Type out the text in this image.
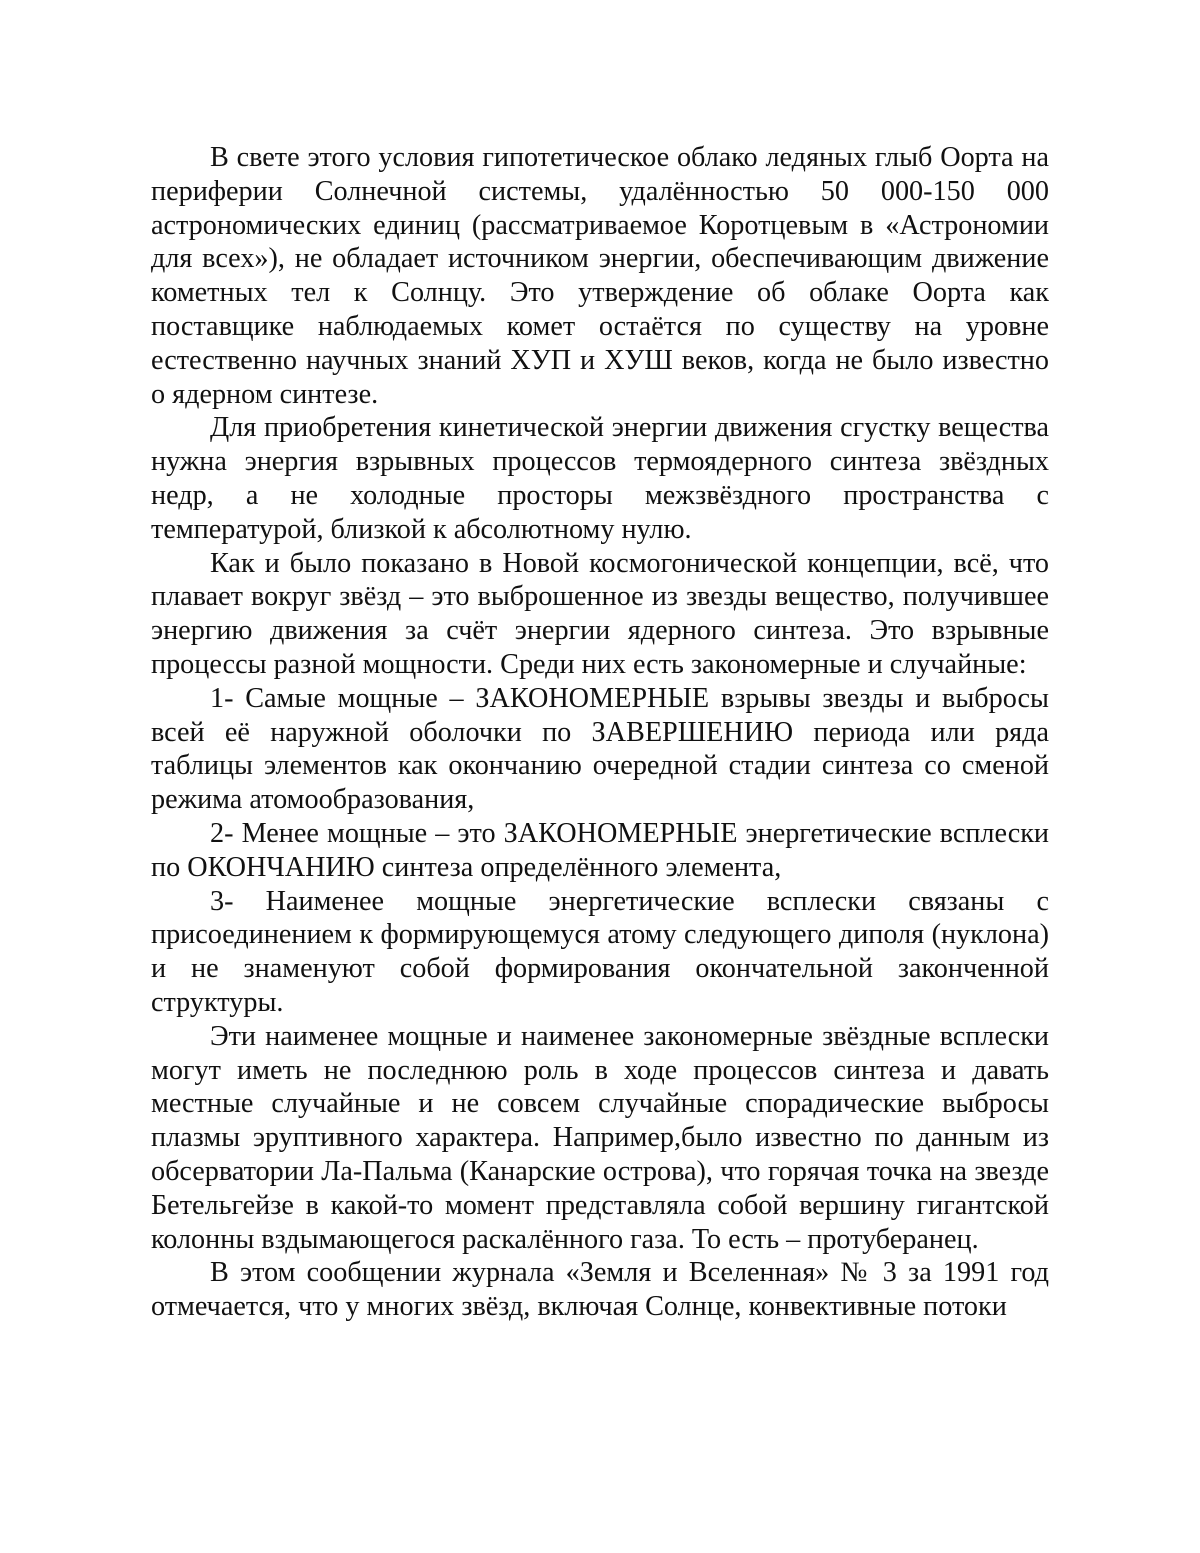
В свете этого условия гипотетическое облако ледяных глыб Оорта на периферии Солнечной системы, удалённостью 50 000-150 000 астрономических единиц (рассматриваемое Коротцевым в «Астрономии для всех»), не обладает источником энергии, обеспечивающим движение кометных тел к Солнцу. Это утверждение об облаке Оорта как поставщике наблюдаемых комет остаётся по существу на уровне естественно научных знаний ХУП и ХУШ веков, когда не было известно о ядерном синтезе.

Для приобретения кинетической энергии движения сгустку вещества нужна энергия взрывных процессов термоядерного синтеза звёздных недр, а не холодные просторы межзвёздного пространства с температурой, близкой к абсолютному нулю.

Как и было показано в Новой космогонической концепции, всё, что плавает вокруг звёзд – это выброшенное из звезды вещество, получившее энергию движения за счёт энергии ядерного синтеза. Это взрывные процессы разной мощности. Среди них есть закономерные и случайные:

1- Самые мощные – ЗАКОНОМЕРНЫЕ взрывы звезды и выбросы всей её наружной оболочки по ЗАВЕРШЕНИЮ периода или ряда таблицы элементов как окончанию очередной стадии синтеза со сменой режима атомообразования,

2- Менее мощные – это ЗАКОНОМЕРНЫЕ энергетические всплески по ОКОНЧАНИЮ синтеза определённого элемента,

3- Наименее мощные энергетические всплески связаны с присоединением к формирующемуся атому следующего диполя (нуклона) и не знаменуют собой формирования окончательной законченной структуры.

Эти наименее мощные и наименее закономерные звёздные всплески могут иметь не последнюю роль в ходе процессов синтеза и давать местные случайные и не совсем случайные спорадические выбросы плазмы эруптивного характера. Например,было известно по данным из обсерватории Ла-Пальма (Канарские острова), что горячая точка на звезде Бетельгейзе в какой-то момент представляла собой вершину гигантской колонны вздымающегося раскалённого газа. То есть – протуберанец.

В этом сообщении журнала «Земля и Вселенная» № 3 за 1991 год отмечается, что у многих звёзд, включая Солнце, конвективные потоки
